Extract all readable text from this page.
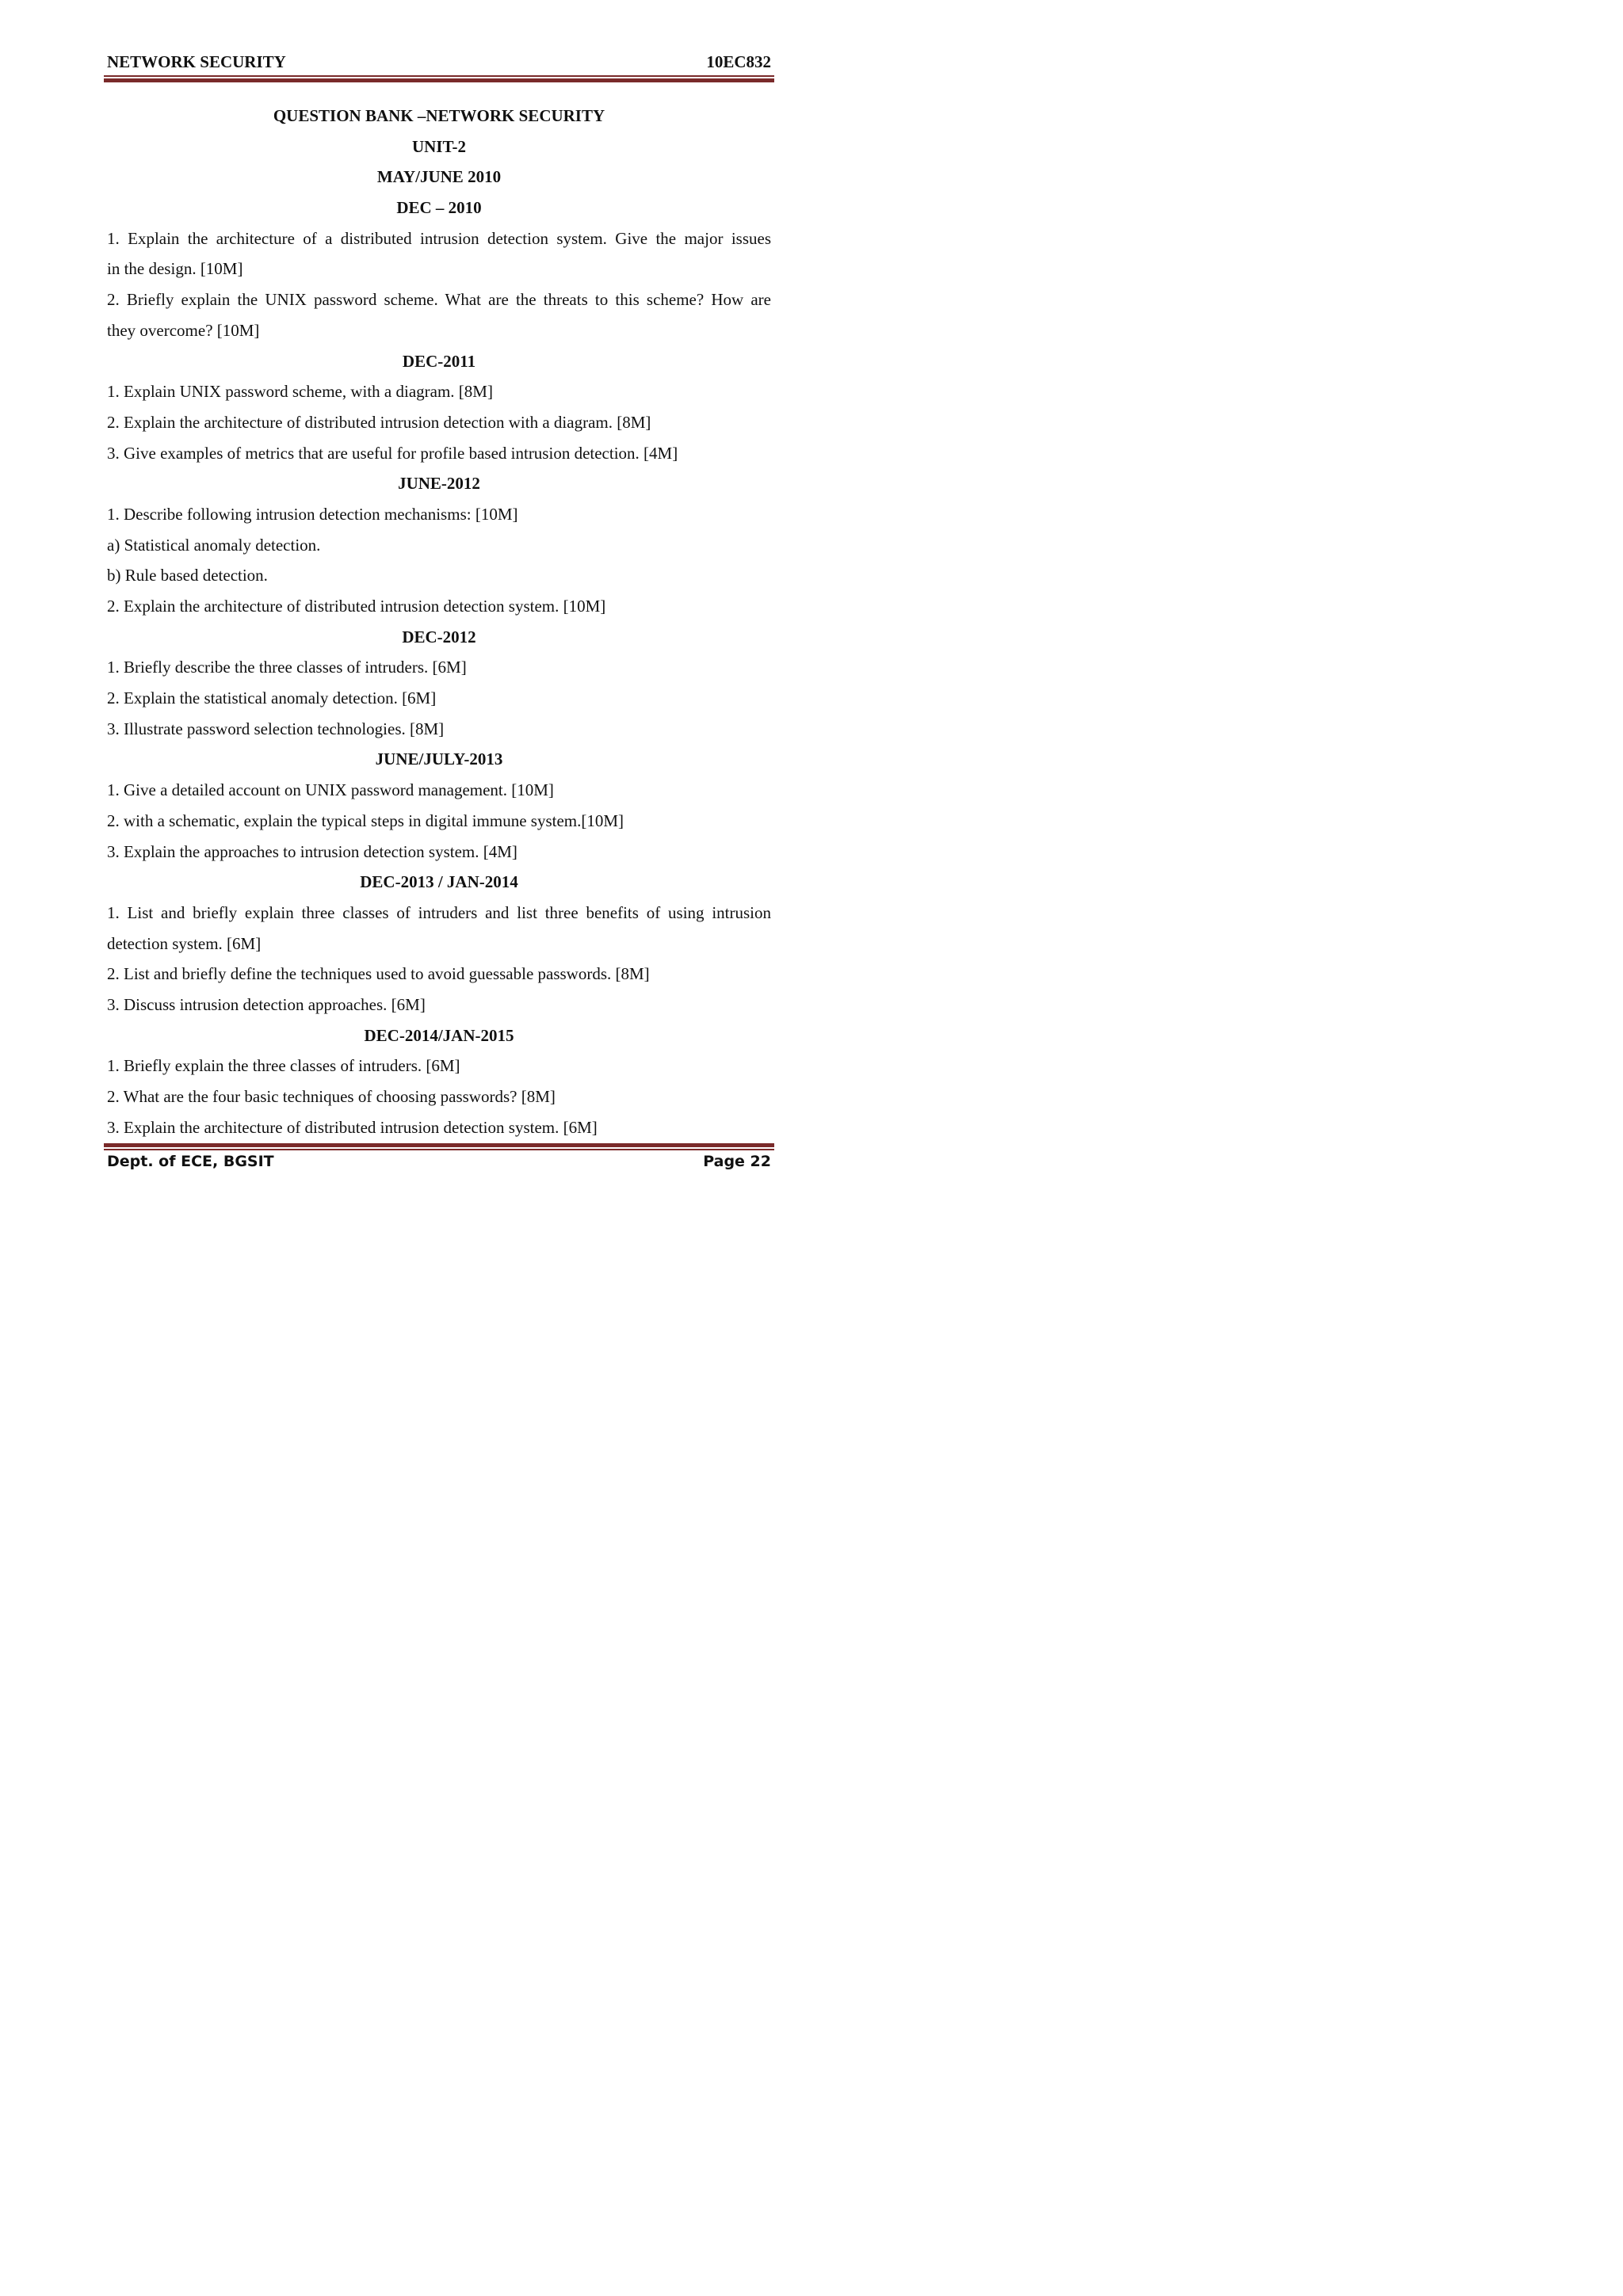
NETWORK SECURITY	10EC832
QUESTION BANK –NETWORK SECURITY
UNIT-2
MAY/JUNE 2010
DEC – 2010
1. Explain the architecture of a distributed intrusion detection system. Give the major issues
in the design. [10M]
2. Briefly explain the UNIX password scheme. What are the threats to this scheme? How are
they overcome? [10M]
DEC-2011
1. Explain UNIX password scheme, with a diagram. [8M]
2. Explain the architecture of distributed intrusion detection with a diagram. [8M]
3. Give examples of metrics that are useful for profile based intrusion detection. [4M]
JUNE-2012
1. Describe following intrusion detection mechanisms: [10M]
a) Statistical anomaly detection.
b) Rule based detection.
2. Explain the architecture of distributed intrusion detection system. [10M]
DEC-2012
1. Briefly describe the three classes of intruders. [6M]
2. Explain the statistical anomaly detection. [6M]
3. Illustrate password selection technologies. [8M]
JUNE/JULY-2013
1. Give a detailed account on UNIX password management. [10M]
2. with a schematic, explain the typical steps in digital immune system.[10M]
3. Explain the approaches to intrusion detection system. [4M]
DEC-2013 / JAN-2014
1. List and briefly explain three classes of intruders and list three benefits of using intrusion
detection system. [6M]
2. List and briefly define the techniques used to avoid guessable passwords. [8M]
3. Discuss intrusion detection approaches. [6M]
DEC-2014/JAN-2015
1. Briefly explain the three classes of intruders. [6M]
2. What are the four basic techniques of choosing passwords? [8M]
3. Explain the architecture of distributed intrusion detection system. [6M]
Dept. of ECE, BGSIT	Page 22
